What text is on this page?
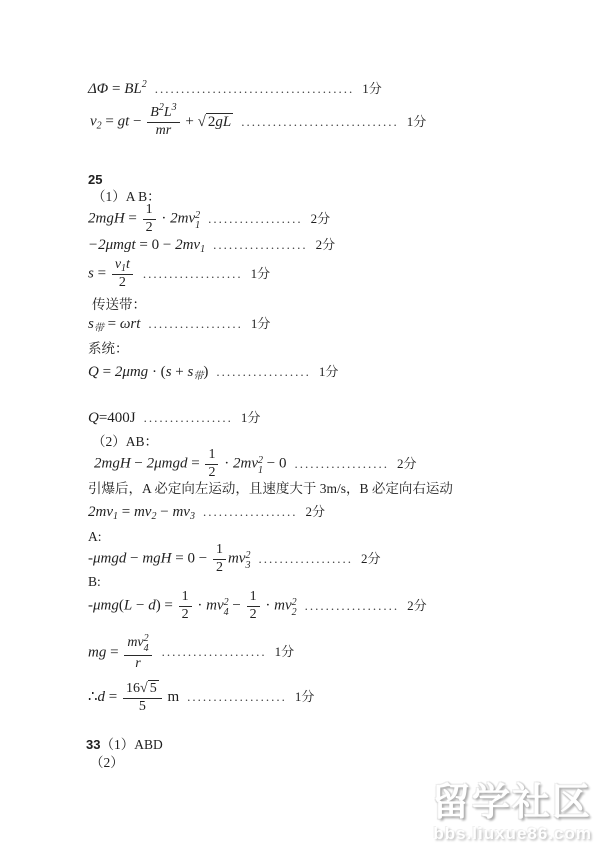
$\Delta\Phi = BL^2$ ...................................... 1分
$v_2$ = gt − $\frac{B^2L^3}{mr}$ + √ 2gL .............................. 1分
25
（1）A B：
$2mgH = \frac{1}{2} \cdot 2mv$ 2
1 .................. 2分
$-2\mu mgt = 0 - 2mv_1$ .................. 2分
$s = \frac{v_1t}{2}$ ................... 1分
传送带：
$s_带 = \omega rt$ .................. 1分
系统：
$Q = 2\mu mg \cdot (s + s_带)$ .................. 1分
Q=400J ................. 1分
（2）AB：
$2mgH - 2\mu mgd = \frac{1}{2} \cdot 2mv$ 2
1 − 0 .................. 2分
引爆后，A 必定向左运动，且速度大于 3m/s，B 必定向右运动
$2mv_1 = mv_2 - mv_3$ .................. 2分
A:
-μmgd − mgH = $0 - \frac{1}{2}$ mv 2
3 .................. 2分
B:
$-\mu mg(L - d) = \frac{1}{2}$ · mv 2
$4 - \frac{1}{2}$ · mv 2
2 .................. 2分
mg = mv 2
4
r .................... 1分
∴d = $\frac{16√ 5}{5}$ m ................... 1分
33（1）ABD
（2）
留学社区
bbs.liuxue86.com
